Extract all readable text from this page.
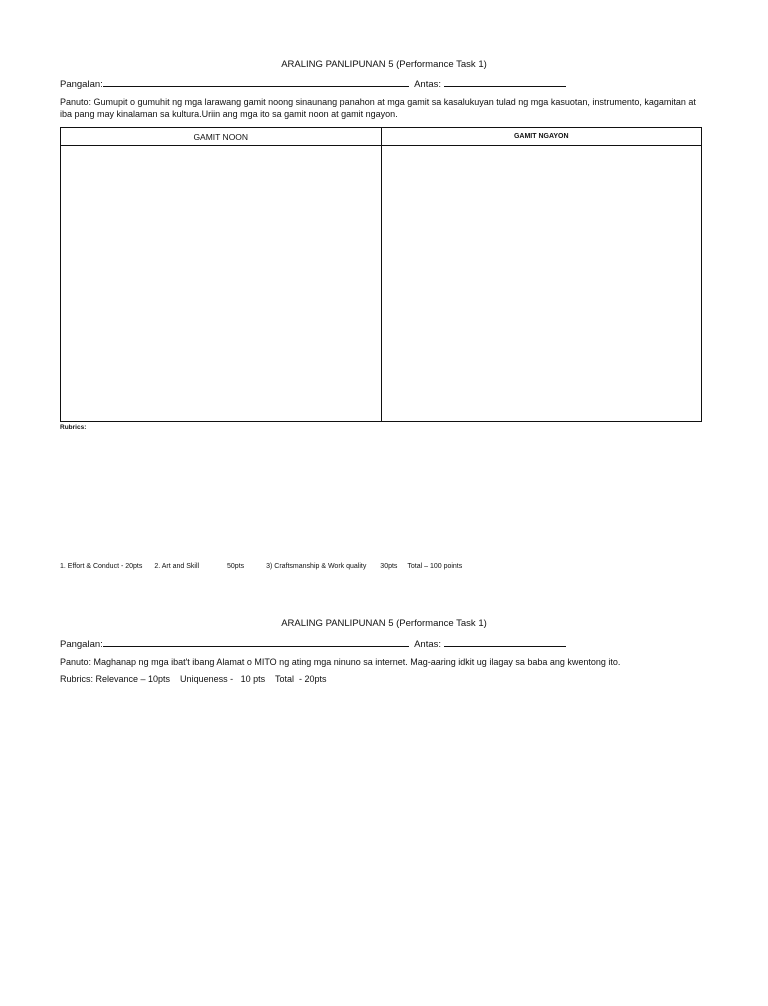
ARALING PANLIPUNAN 5 (Performance Task 1)
Pangalan:	Antas:
Panuto: Gumupit o gumuhit ng mga larawang gamit noong sinaunang panahon at mga gamit sa kasalukuyan tulad ng mga kasuotan, instrumento, kagamitan at iba pang may kinalaman sa kultura.Uriin ang mga ito sa gamit noon at gamit ngayon.
GAMIT NOON	GAMIT NGAYON

Rubrics:
1. Effort & Conduct - 20pts 2. Art and Skill	50pts	3) Craftsmanship & Work quality 30pts Total – 100 points
ARALING PANLIPUNAN 5 (Performance Task 1)
Pangalan:	Antas:
Panuto: Maghanap ng mga ibat't ibang Alamat o MITO ng ating mga ninuno sa internet. Mag-aaring idkit ug ilagay sa baba ang kwentong ito.
Rubrics: Relevance – 10pts    Uniqueness -   10 pts    Total  - 20pts
